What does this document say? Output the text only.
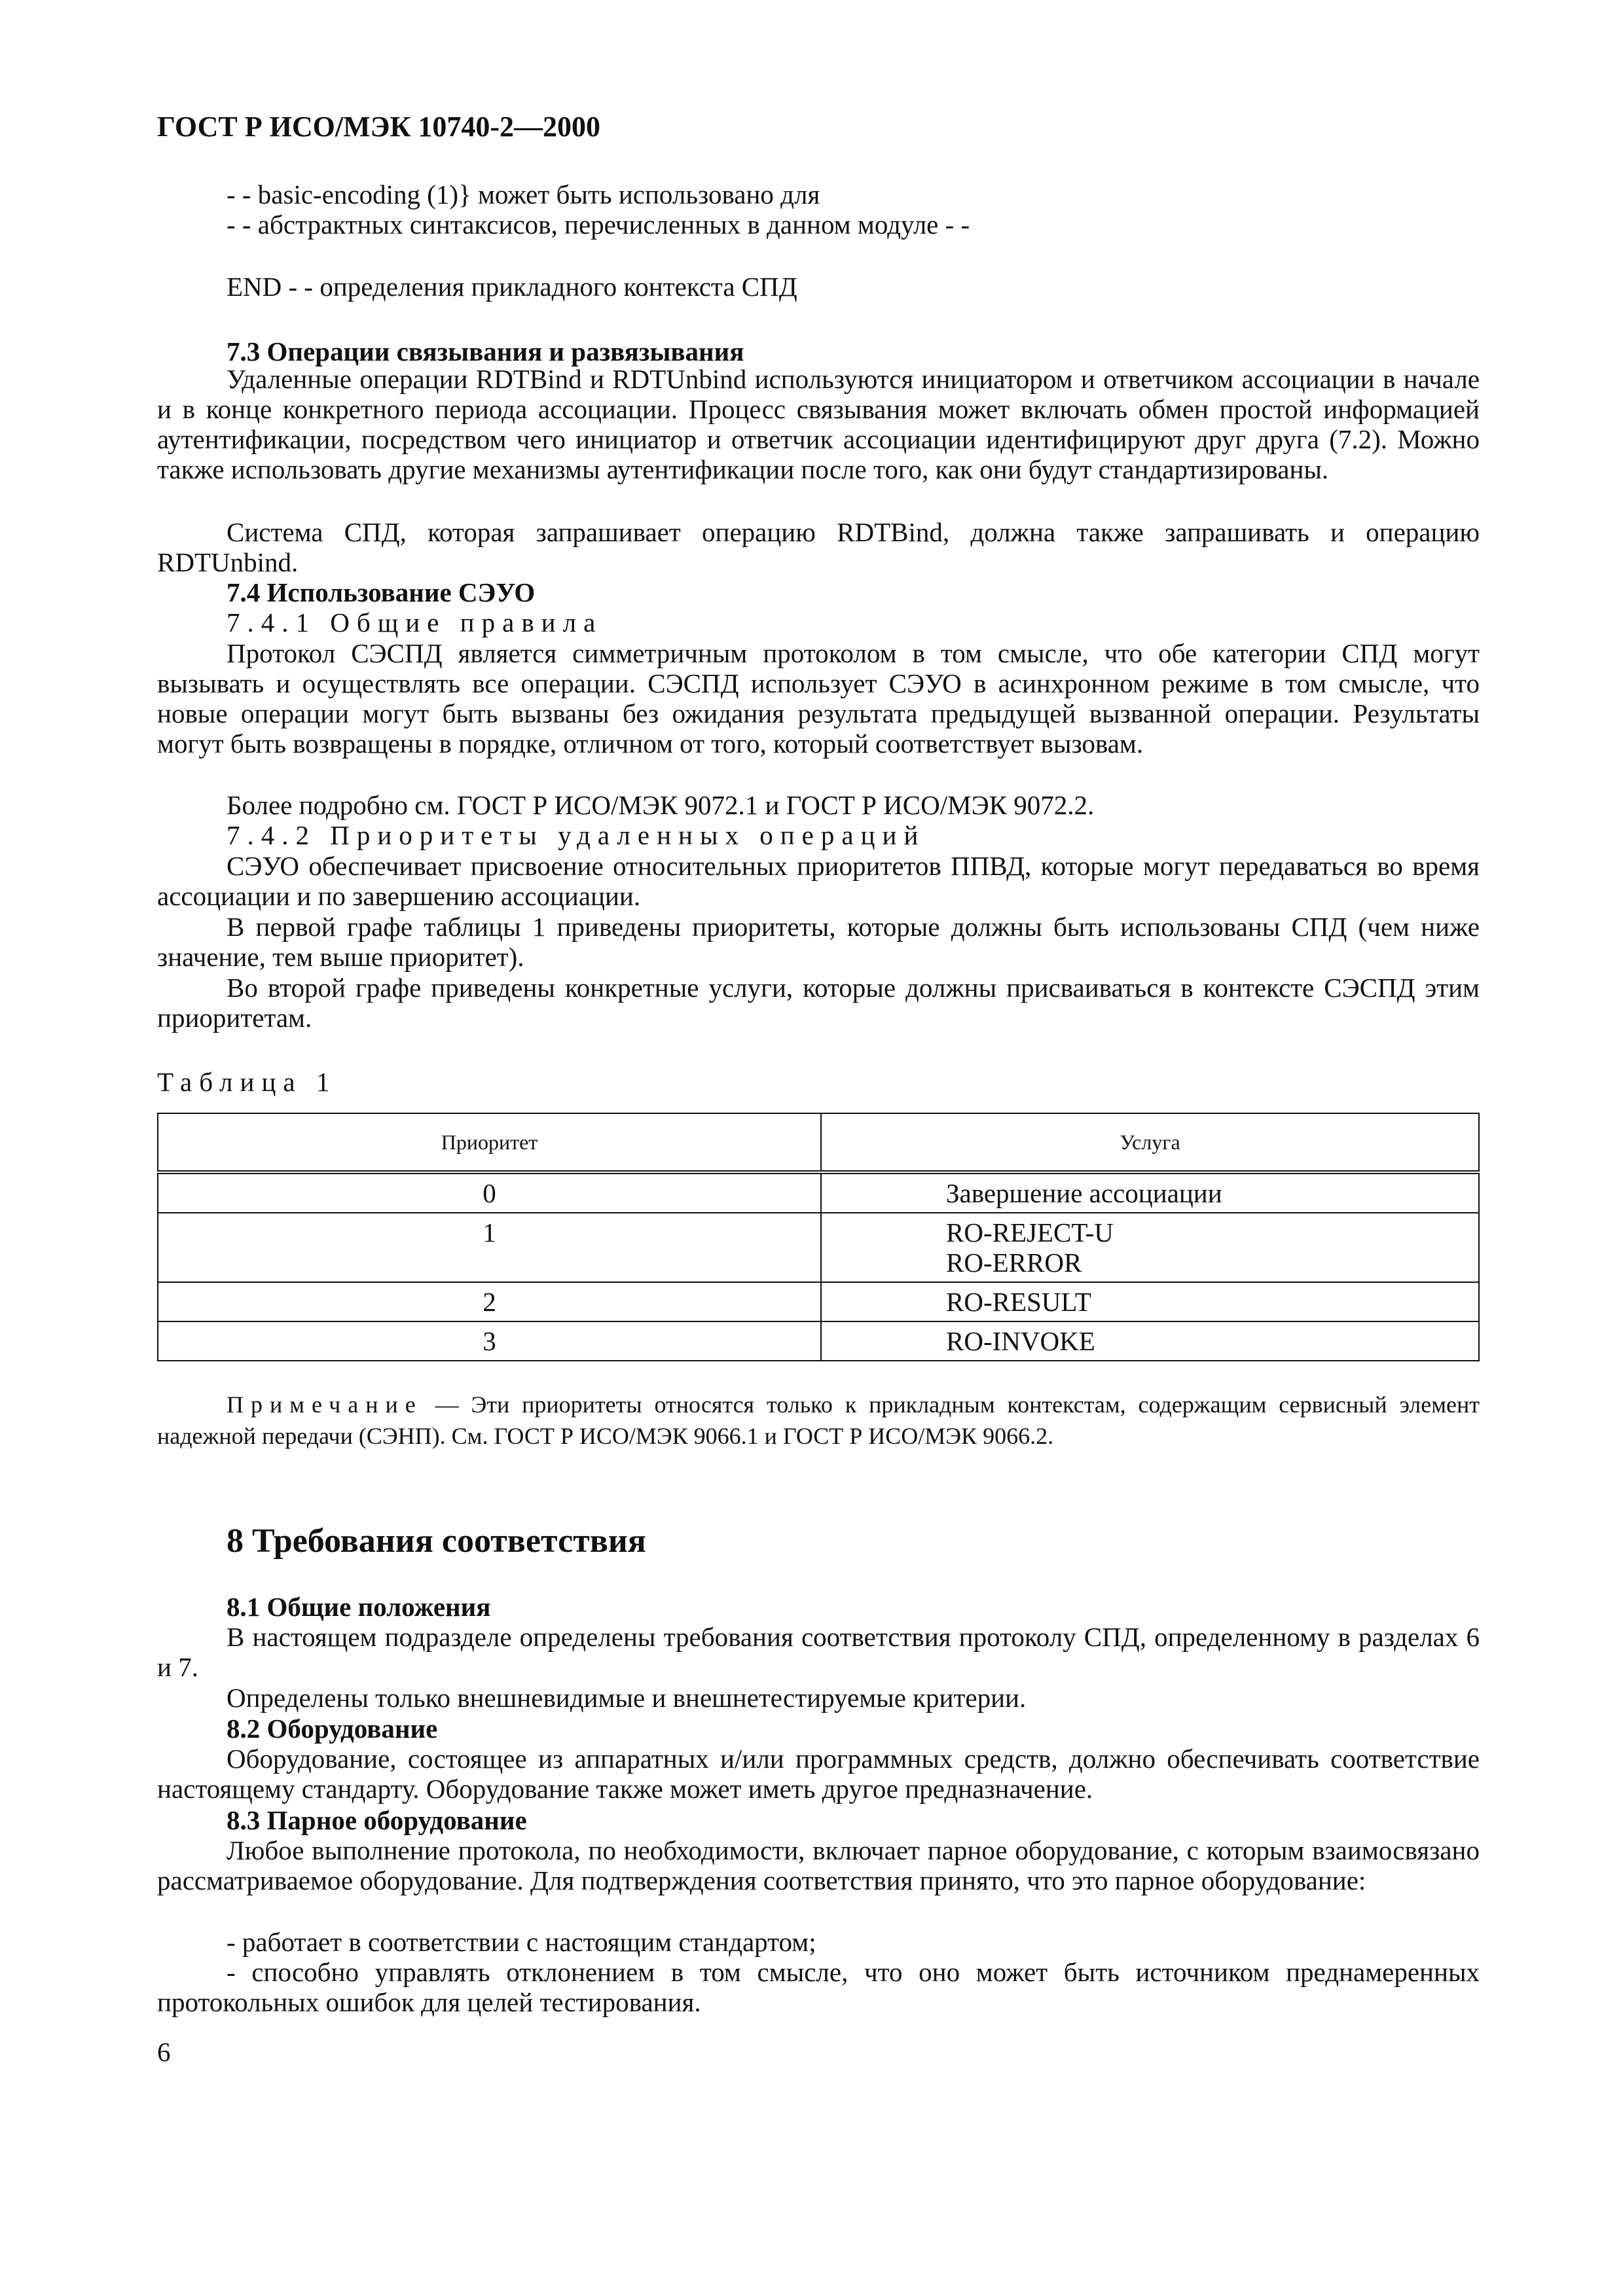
ГОСТ Р ИСО/МЭК 10740-2—2000
- - basic-encoding (1)} может быть использовано для
- - абстрактных синтаксисов, перечисленных в данном модуле - -
END - - определения прикладного контекста СПД
7.3 Операции связывания и развязывания

Удаленные операции RDTBind и RDTUnbind используются инициатором и ответчиком ассоциации в начале и в конце конкретного периода ассоциации. Процесс связывания может включать обмен простой информацией аутентификации, посредством чего инициатор и ответчик ассоциации идентифицируют друг друга (7.2). Можно также использовать другие механизмы аутентификации после того, как они будут стандартизированы.

Система СПД, которая запрашивает операцию RDTBind, должна также запрашивать и операцию RDTUnbind.

7.4 Использование СЭУО
7.4.1 Общие правила

Протокол СЭСПД является симметричным протоколом в том смысле, что обе категории СПД могут вызывать и осуществлять все операции. СЭСПД использует СЭУО в асинхронном режиме в том смысле, что новые операции могут быть вызваны без ожидания результата предыдущей вызванной операции. Результаты могут быть возвращены в порядке, отличном от того, который соответствует вызовам.

Более подробно см. ГОСТ Р ИСО/МЭК 9072.1 и ГОСТ Р ИСО/МЭК 9072.2.

7.4.2 Приоритеты удаленных операций

СЭУО обеспечивает присвоение относительных приоритетов ППВД, которые могут передаваться во время ассоциации и по завершению ассоциации.

В первой графе таблицы 1 приведены приоритеты, которые должны быть использованы СПД (чем ниже значение, тем выше приоритет).

Во второй графе приведены конкретные услуги, которые должны присваиваться в контексте СЭСПД этим приоритетам.

Таблица 1
Приоритет	Услуга
0	Завершение ассоциации
1	RO-REJECT-U
RO-ERROR

2	RO-RESULT
3	RO-INVOKE

Примечание — Эти приоритеты относятся только к прикладным контекстам, содержащим сервисный элемент надежной передачи (СЭНП). См. ГОСТ Р ИСО/МЭК 9066.1 и ГОСТ Р ИСО/МЭК 9066.2.

8 Требования соответствия
8.1 Общие положения

В настоящем подразделе определены требования соответствия протоколу СПД, определенному в разделах 6 и 7.

Определены только внешневидимые и внешнетестируемые критерии.

8.2 Оборудование

Оборудование, состоящее из аппаратных и/или программных средств, должно обеспечивать соответствие настоящему стандарту. Оборудование также может иметь другое предназначение.

8.3 Парное оборудование

Любое выполнение протокола, по необходимости, включает парное оборудование, с которым взаимосвязано рассматриваемое оборудование. Для подтверждения соответствия принято, что это парное оборудование:

- работает в соответствии с настоящим стандартом;

- способно управлять отклонением в том смысле, что оно может быть источником преднамеренных протокольных ошибок для целей тестирования.

6
